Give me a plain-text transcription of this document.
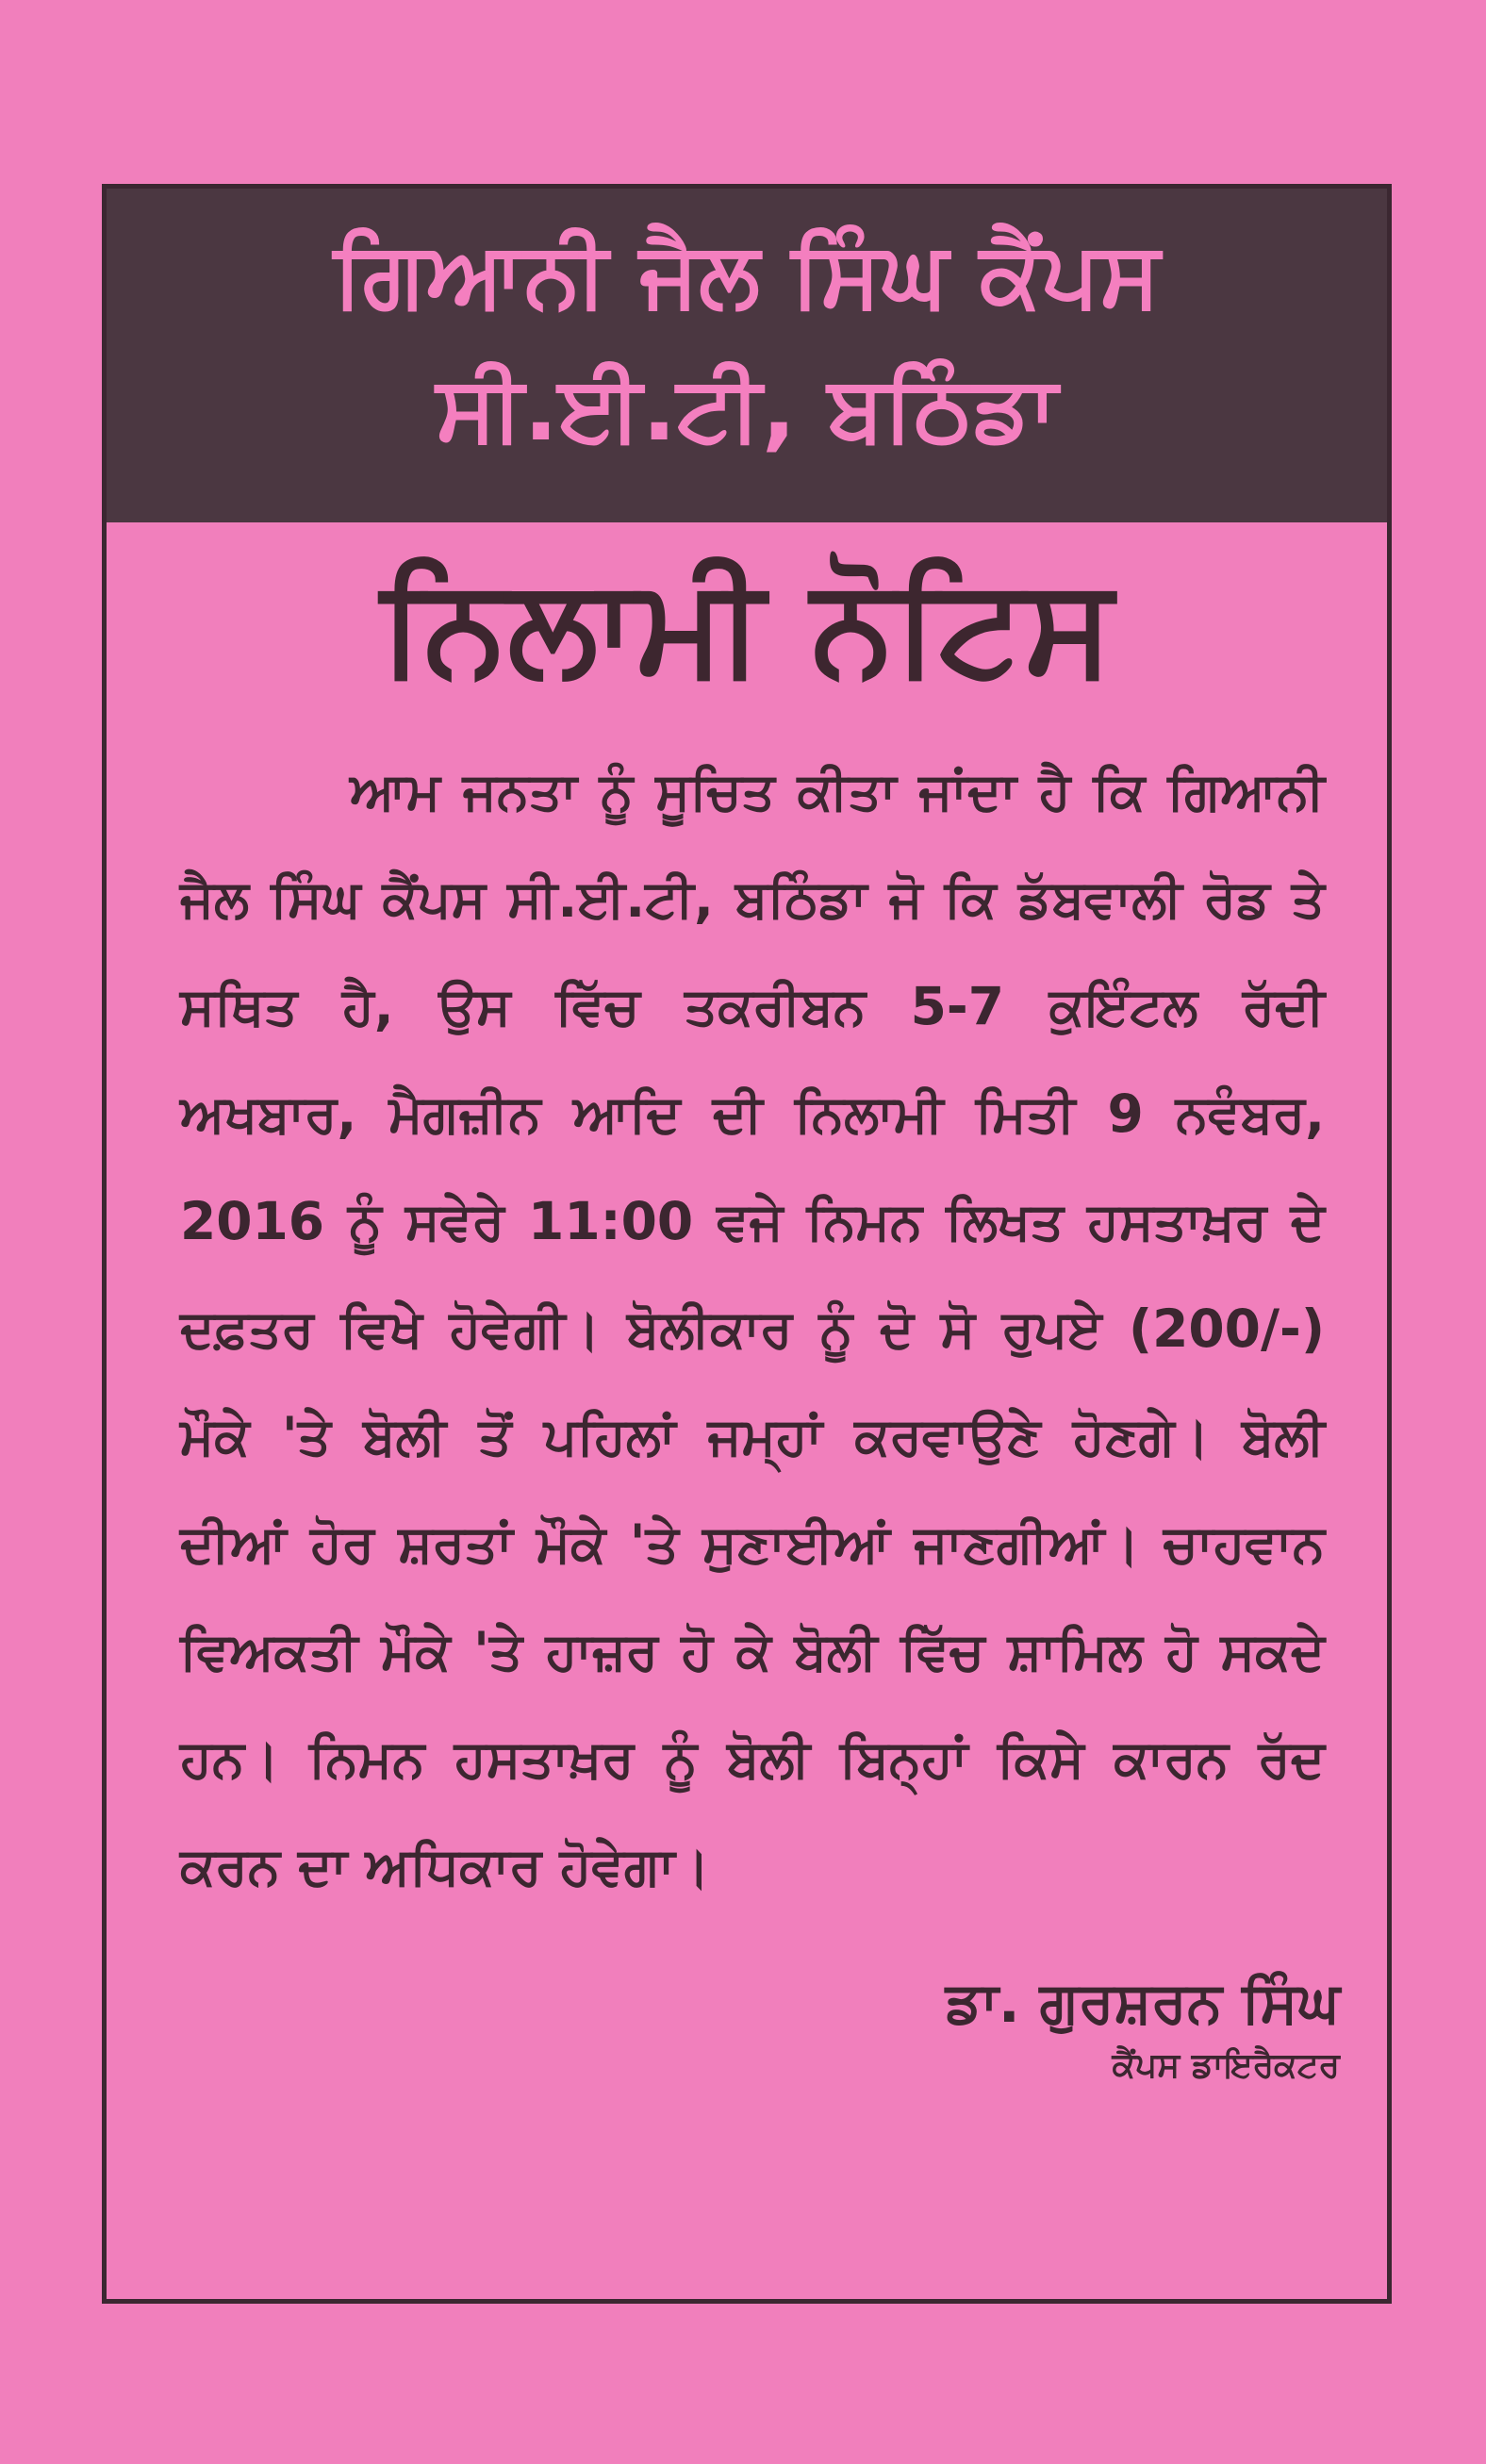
ਗਿਆਨੀ ਜੈਲ ਸਿੰਘ ਕੈਂਪਸ
ਸੀ.ਈ.ਟੀ, ਬਠਿੰਡਾ
ਨਿਲਾਮੀ ਨੋਟਿਸ
ਆਮ ਜਨਤਾ ਨੂੰ ਸੂਚਿਤ ਕੀਤਾ ਜਾਂਦਾ ਹੈ ਕਿ ਗਿਆਨੀ ਜੈਲ ਸਿੰਘ ਕੈਂਪਸ ਸੀ.ਈ.ਟੀ, ਬਠਿੰਡਾ ਜੋ ਕਿ ਡੱਬਵਾਲੀ ਰੋਡ ਤੇ ਸਥਿਤ ਹੈ, ਉਸ ਵਿੱਚ ਤਕਰੀਬਨ 5-7 ਕੁਇੰਟਲ ਰੱਦੀ ਅਖਬਾਰ, ਮੈਗਜ਼ੀਨ ਆਦਿ ਦੀ ਨਿਲਾਮੀ ਮਿਤੀ 9 ਨਵੰਬਰ, 2016 ਨੂੰ ਸਵੇਰੇ 11:00 ਵਜੇ ਨਿਮਨ ਲਿਖਤ ਹਸਤਾਖ਼ਰ ਦੇ ਦਫ਼ਤਰ ਵਿਖੇ ਹੋਵੇਗੀ। ਬੋਲੀਕਾਰ ਨੂੰ ਦੋ ਸੋ ਰੁਪਏ (200/-) ਮੌਕੇ 'ਤੇ ਬੋਲੀ ਤੋਂ ਪਹਿਲਾਂ ਜਮ੍ਹਾਂ ਕਰਵਾਉਣੇ ਹੋਣਗੇ। ਬੋਲੀ ਦੀਆਂ ਹੋਰ ਸ਼ਰਤਾਂ ਮੌਕੇ 'ਤੇ ਸੁਣਾਈਆਂ ਜਾਣਗੀਆਂ। ਚਾਹਵਾਨ ਵਿਅਕਤੀ ਮੌਕੇ 'ਤੇ ਹਾਜ਼ਰ ਹੋ ਕੇ ਬੋਲੀ ਵਿੱਚ ਸ਼ਾਮਿਲ ਹੋ ਸਕਦੇ ਹਨ। ਨਿਮਨ ਹਸਤਾਖ਼ਰ ਨੂੰ ਬੋਲੀ ਬਿਨ੍ਹਾਂ ਕਿਸੇ ਕਾਰਨ ਰੱਦ ਕਰਨ ਦਾ ਅਧਿਕਾਰ ਹੋਵੇਗਾ।
ਡਾ. ਗੁਰਸ਼ਰਨ ਸਿੰਘ
ਕੈਂਪਸ ਡਾਇਰੈਕਟਰ
